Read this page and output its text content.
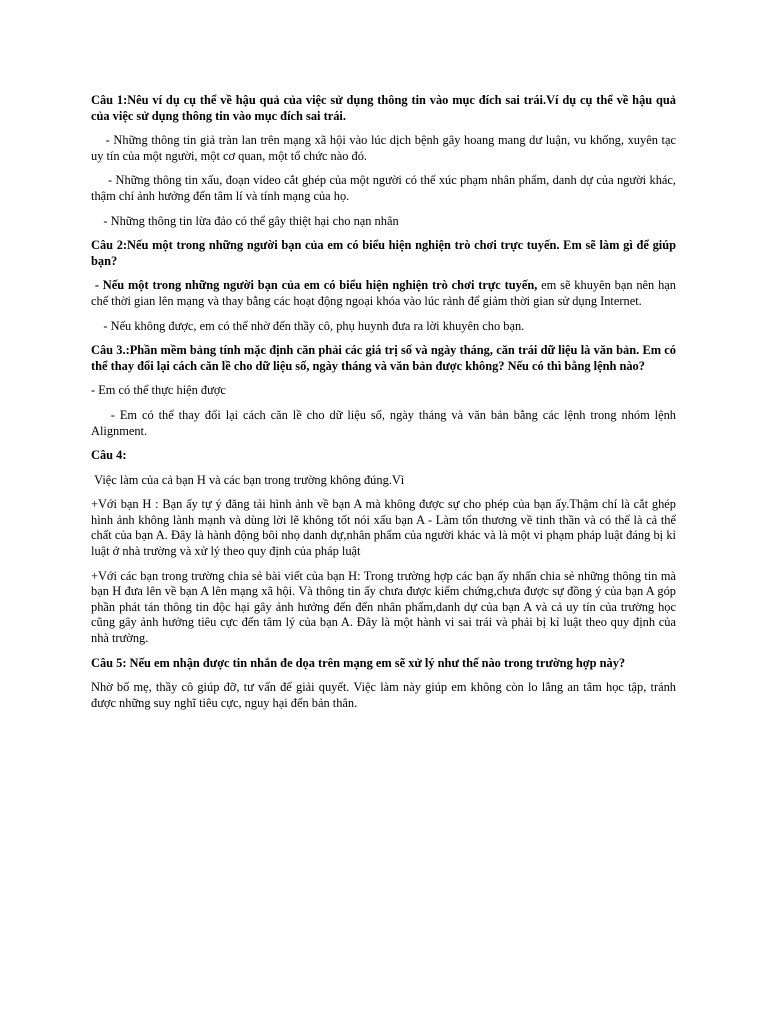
Câu 1:Nêu ví dụ cụ thể về hậu quả của việc sử dụng thông tin vào mục đích sai trái.Ví dụ cụ thể về hậu quả của việc sử dụng thông tin vào mục đích sai trái.
- Những thông tin giả tràn lan trên mạng xã hội vào lúc dịch bệnh gây hoang mang dư luận, vu khống, xuyên tạc uy tín của một người, một cơ quan, một tổ chức nào đó.
- Những thông tin xấu, đoạn video cắt ghép của một người có thể xúc phạm nhân phẩm, danh dự của người khác, thậm chí ảnh hưởng đến tâm lí và tính mạng của họ.
- Những thông tin lừa đảo có thể gây thiệt hại cho nạn nhân
Câu 2:Nếu một trong những người bạn của em có biểu hiện nghiện trò chơi trực tuyến. Em sẽ làm gì để giúp bạn?
- Nếu một trong những người bạn của em có biểu hiện nghiện trò chơi trực tuyến, em sẽ khuyên bạn nên hạn chế thời gian lên mạng và thay bằng các hoạt động ngoại khóa vào lúc rảnh để giảm thời gian sử dụng Internet.
- Nếu không được, em có thể nhờ đến thầy cô, phụ huynh đưa ra lời khuyên cho bạn.
Câu 3.:Phần mềm bảng tính mặc định căn phải các giá trị số và ngày tháng, căn trái dữ liệu là văn bản. Em có thể thay đổi lại cách căn lề cho dữ liệu số, ngày tháng và văn bản được không? Nếu có thì bằng lệnh nào?
- Em có thể thực hiện được
- Em có thể thay đổi lại cách căn lề cho dữ liệu số, ngày tháng và văn bản bằng các lệnh trong nhóm lệnh Alignment.
Câu 4:
Việc làm của cả bạn H và các bạn trong trường không đúng.Vì
+Với bạn H : Bạn ấy tự ý đăng tải hình ảnh về bạn A mà không được sự cho phép của bạn ấy.Thậm chí là cắt ghép hình ảnh không lành mạnh và dùng lời lẽ không tốt nói xấu bạn A - Làm tổn thương về tinh thần và có thể là cả thể chất của bạn A. Đây là hành động bôi nhọ danh dự,nhân phẩm của người khác và là một vi phạm pháp luật đáng bị kỉ luật ở nhà trường và xử lý theo quy định của pháp luật
+Với các bạn trong trường chia sẻ bài viết của bạn H: Trong trường hợp các bạn ấy nhấn chia sẻ những thông tin mà bạn H đưa lên về bạn A lên mạng xã hội. Và thông tin ấy chưa được kiểm chứng,chưa được sự đồng ý của bạn A góp phần phát tán thông tin độc hại gây ảnh hưởng đến đến nhân phẩm,danh dự của bạn A và cả uy tín của trường học cũng gây ảnh hưởng tiêu cực đến tâm lý của bạn A. Đây là một hành vi sai trái và phải bị kỉ luật theo quy định của nhà trường.
Câu 5: Nếu em nhận được tin nhắn đe dọa trên mạng em sẽ xử lý như thế nào trong trường hợp này?
Nhờ bố mẹ, thầy cô giúp đỡ, tư vấn để giải quyết. Việc làm này giúp em không còn lo lắng an tâm học tập, tránh được những suy nghĩ tiêu cực, nguy hại đến bản thân.
